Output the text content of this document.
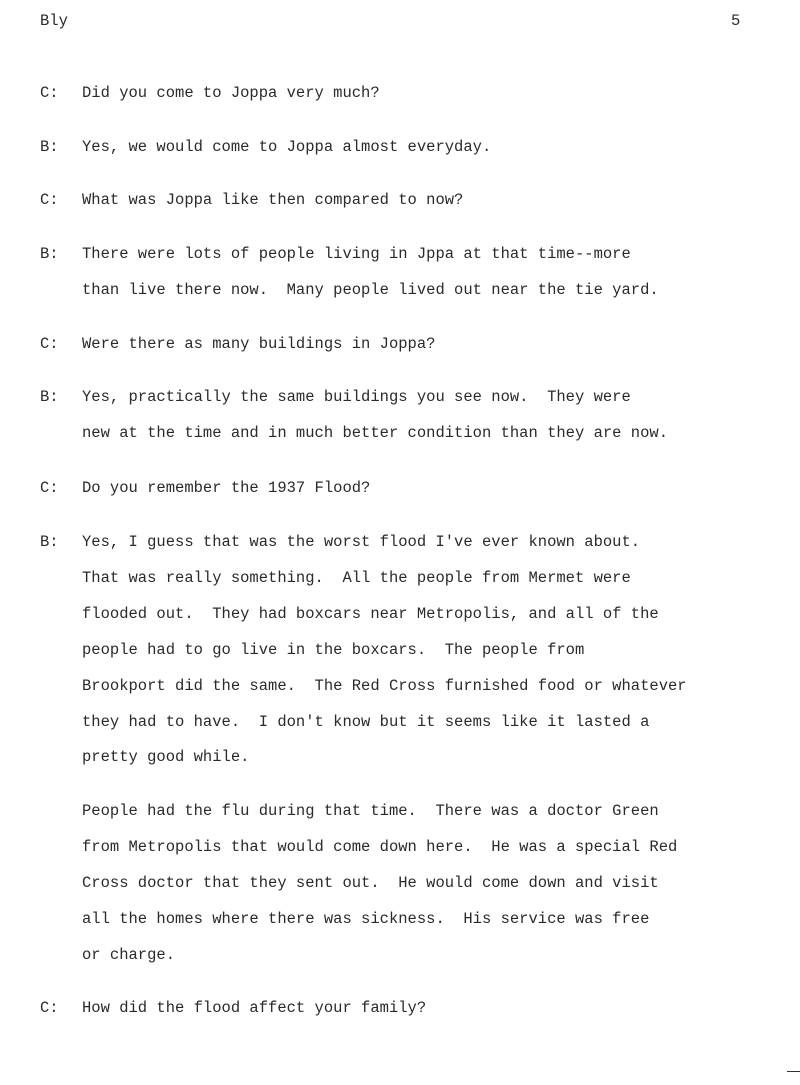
Bly	5
C: Did you come to Joppa very much?
B: Yes, we would come to Joppa almost everyday.
C: What was Joppa like then compared to now?
B: There were lots of people living in Jppa at that time--more
than live there now.  Many people lived out near the tie yard.
C: Were there as many buildings in Joppa?
B: Yes, practically the same buildings you see now.  They were
new at the time and in much better condition than they are now.
C: Do you remember the 1937 Flood?
B: Yes, I guess that was the worst flood I've ever known about.
That was really something.  All the people from Mermet were
flooded out.  They had boxcars near Metropolis, and all of the
people had to go live in the boxcars.  The people from
Brookport did the same.  The Red Cross furnished food or whatever
they had to have.  I don't know but it seems like it lasted a
pretty good while.
People had the flu during that time.  There was a doctor Green
from Metropolis that would come down here.  He was a special Red
Cross doctor that they sent out.  He would come down and visit
all the homes where there was sickness.  His service was free
or charge.
C: How did the flood affect your family?
